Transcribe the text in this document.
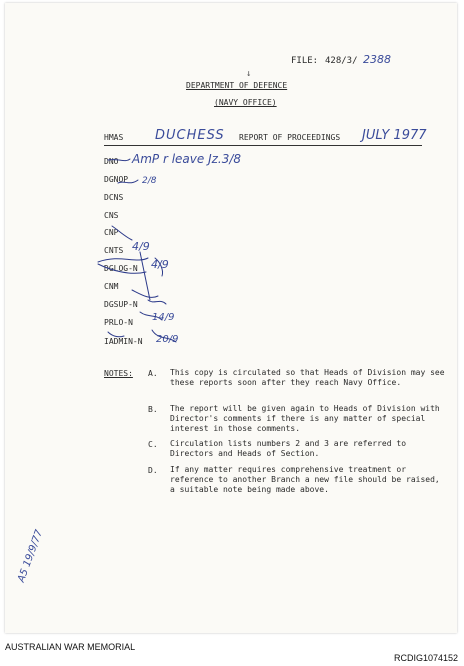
FILE: 428/3/ 2388
↓
DEPARTMENT OF DEFENCE
(NAVY OFFICE)
HMAS DUCHESS REPORT OF PROCEEDINGS JULY 1977
DNO AmP r leave Jz.3/8
DGNOP 2/8
DCNS
CNS
CNP
CNTS 4/9
DGLOG-N 4/9
CNM
DGSUP-N
PRLO-N 14/9
IADMIN-N 20/9
NOTES: A. This copy is circulated so that Heads of Division may see these reports soon after they reach Navy Office.
B. The report will be given again to Heads of Division with Director's comments if there is any matter of special interest in those comments.
C. Circulation lists numbers 2 and 3 are referred to Directors and Heads of Section.
D. If any matter requires comprehensive treatment or reference to another Branch a new file should be raised, a suitable note being made above.
A5 19/9/77
AUSTRALIAN WAR MEMORIAL
RCDIG1074152
